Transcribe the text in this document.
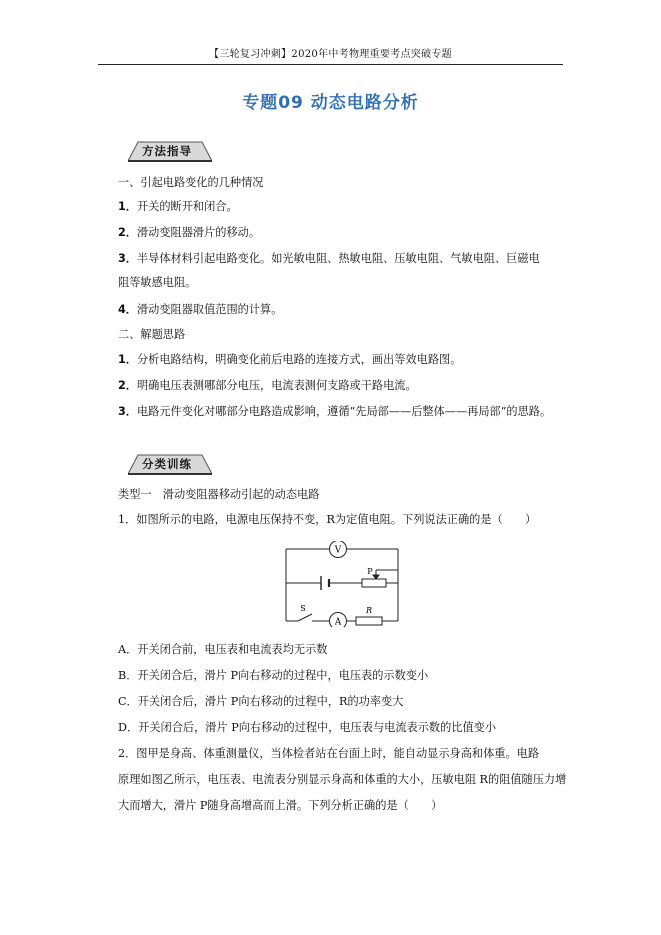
【三轮复习冲刺】2020年中考物理重要考点突破专题
专题09 动态电路分析
方法指导
一、引起电路变化的几种情况
1．开关的断开和闭合。
2．滑动变阻器滑片的移动。
3．半导体材料引起电路变化。如光敏电阻、热敏电阻、压敏电阻、气敏电阻、巨磁电
阻等敏感电阻。
4．滑动变阻器取值范围的计算。
二、解题思路
1．分析电路结构，明确变化前后电路的连接方式，画出等效电路图。
2．明确电压表测哪部分电压，电流表测何支路或干路电流。
3．电路元件变化对哪部分电路造成影响，遵循“先局部——后整体——再局部”的思路。
分类训练
类型一　滑动变阻器移动引起的动态电路
1．如图所示的电路，电源电压保持不变，R为定值电阻。下列说法正确的是（　　）
V
A
P
S	R
A．开关闭合前，电压表和电流表均无示数
B．开关闭合后，滑片 P向右移动的过程中，电压表的示数变小
C．开关闭合后，滑片 P向右移动的过程中，R的功率变大
D．开关闭合后，滑片 P向右移动的过程中，电压表与电流表示数的比值变小
2．图甲是身高、体重测量仪，当体检者站在台面上时，能自动显示身高和体重。电路
原理如图乙所示，电压表、电流表分别显示身高和体重的大小，压敏电阻 R的阻值随压力增
大而增大，滑片 P随身高增高而上滑。下列分析正确的是（　　）
